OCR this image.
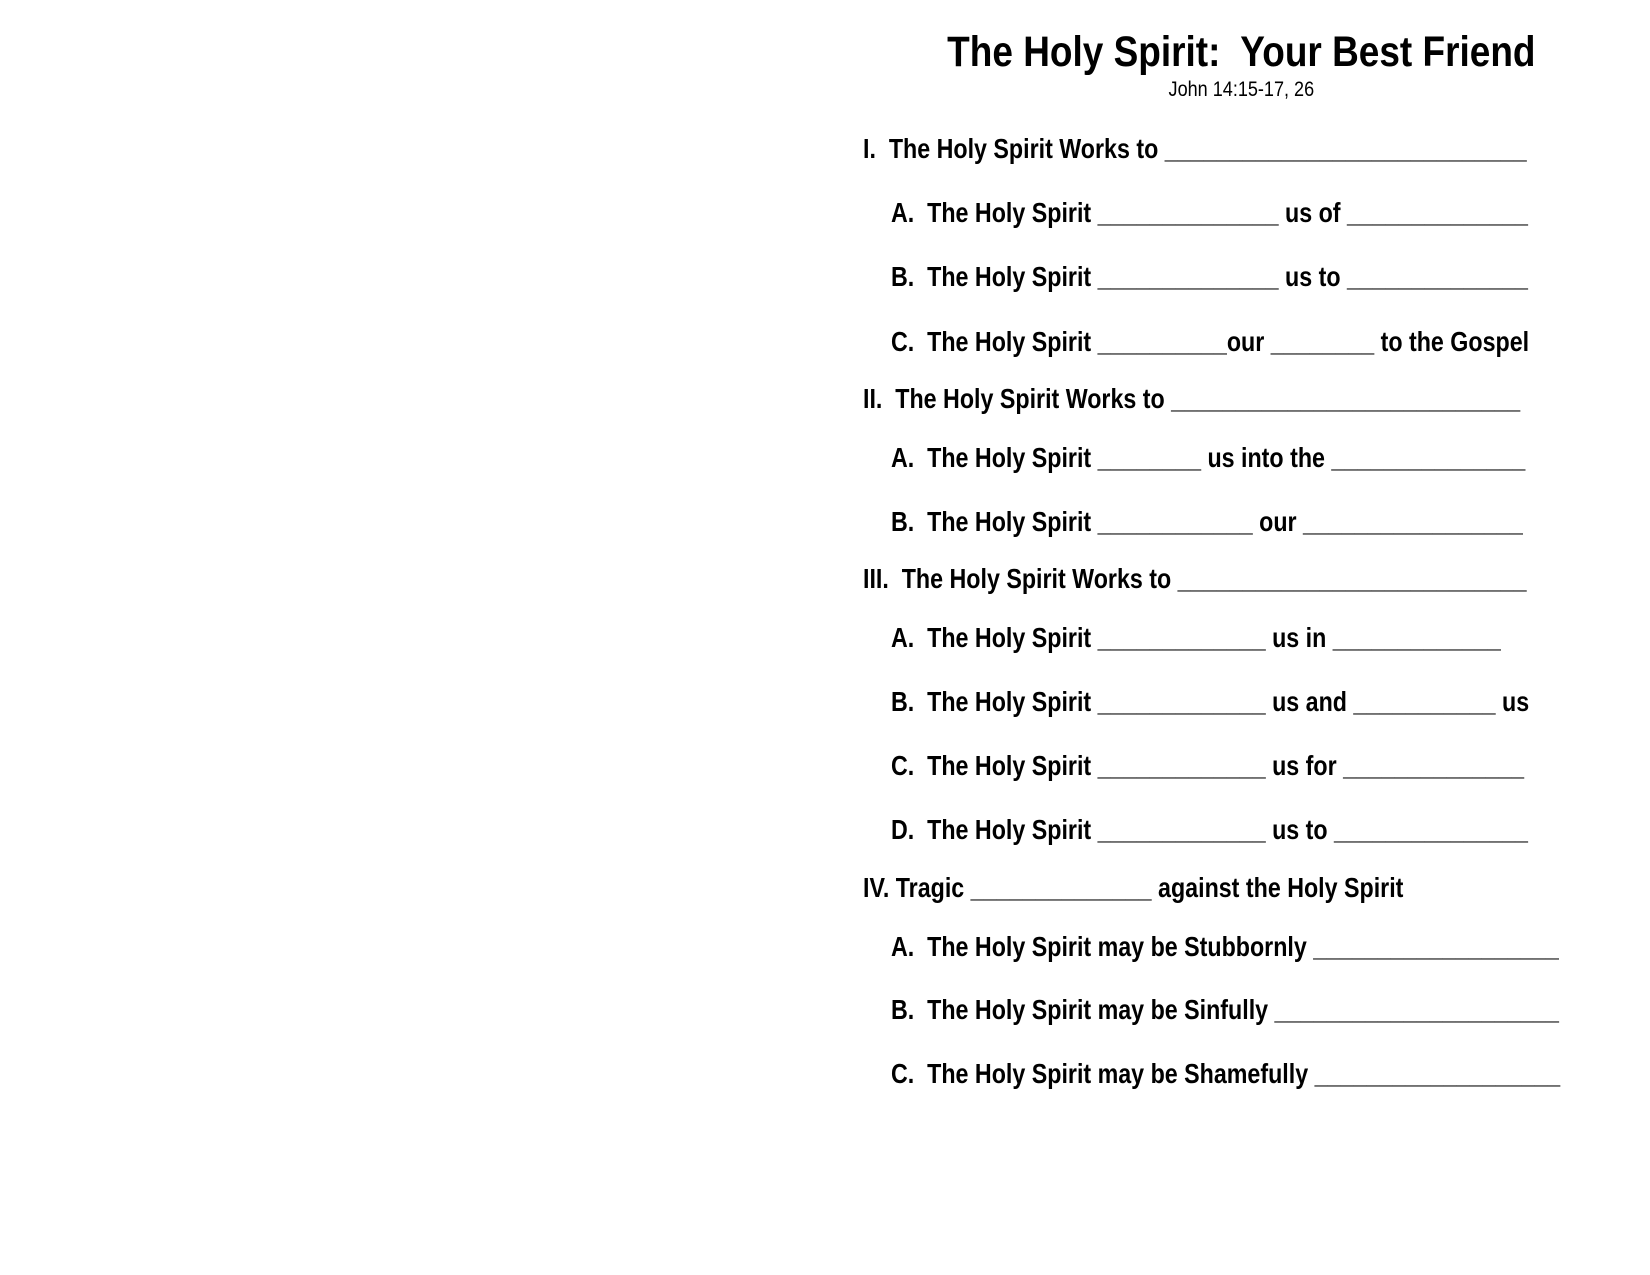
The Holy Spirit:  Your Best Friend
John 14:15-17, 26
I.  The Holy Spirit Works to ____________________________
A.  The Holy Spirit ______________ us of ______________
B.  The Holy Spirit ______________ us to ______________
C.  The Holy Spirit __________our ________ to the Gospel
II.  The Holy Spirit Works to ___________________________
A.  The Holy Spirit ________ us into the _______________
B.  The Holy Spirit ____________ our _________________
III.  The Holy Spirit Works to ___________________________
A.  The Holy Spirit _____________ us in _____________
B.  The Holy Spirit _____________ us and ___________ us
C.  The Holy Spirit _____________ us for ______________
D.  The Holy Spirit _____________ us to _______________
IV. Tragic ______________ against the Holy Spirit
A.  The Holy Spirit may be Stubbornly ___________________
B.  The Holy Spirit may be Sinfully ______________________
C.  The Holy Spirit may be Shamefully ___________________
